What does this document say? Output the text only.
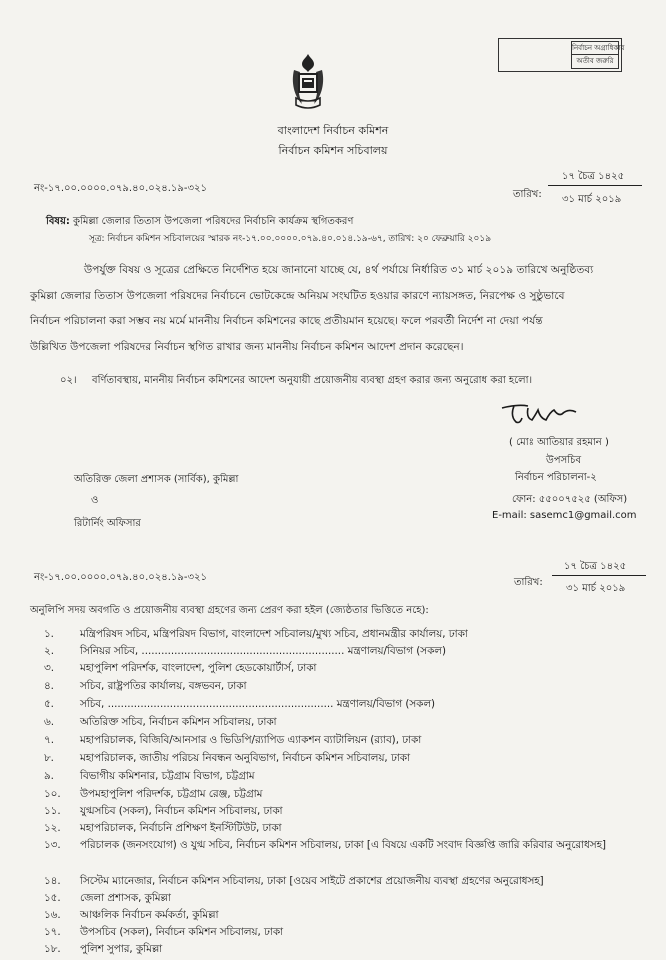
নির্বাচন অগ্রাধিকার
অতীব জরুরি
বাংলাদেশ নির্বাচন কমিশন
নির্বাচন কমিশন সচিবালয়
নং-১৭.০০.০০০০.০৭৯.৪০.০২৪.১৯-৩২১
তারিখ:
১৭ চৈত্র ১৪২৫
৩১ মার্চ ২০১৯
বিষয়: কুমিল্লা জেলার তিতাস উপজেলা পরিষদের নির্বাচনি কার্যক্রম স্থগিতকরণ
সূত্র: নির্বাচন কমিশন সচিবালয়ের স্মারক নং-১৭.০০.০০০০.০৭৯.৪০.০১৪.১৯-৬৭, তারিখ: ২০ ফেব্রুয়ারি ২০১৯
উপর্যুক্ত বিষয় ও সূত্রের প্রেক্ষিতে নির্দেশিত হয়ে জানানো যাচ্ছে যে, ৪র্থ পর্যায়ে নির্ধারিত ৩১ মার্চ ২০১৯ তারিখে অনুষ্ঠিতব্য
কুমিল্লা জেলার তিতাস উপজেলা পরিষদের নির্বাচনে ভোটকেন্দ্রে অনিয়ম সংঘটিত হওয়ার কারণে ন্যায়সঙ্গত, নিরপেক্ষ ও সুষ্ঠুভাবে
নির্বাচন পরিচালনা করা সম্ভব নয় মর্মে মাননীয় নির্বাচন কমিশনের কাছে প্রতীয়মান হয়েছে। ফলে পরবর্তী নির্দেশ না দেয়া পর্যন্ত
উল্লিখিত উপজেলা পরিষদের নির্বাচন স্থগিত রাখার জন্য মাননীয় নির্বাচন কমিশন আদেশ প্রদান করেছেন।
০২। বর্ণিতাবস্থায়, মাননীয় নির্বাচন কমিশনের আদেশ অনুযায়ী প্রয়োজনীয় ব্যবস্থা গ্রহণ করার জন্য অনুরোধ করা হলো।
( মোঃ আতিয়ার রহমান )
উপসচিব
নির্বাচন পরিচালনা-২
ফোন: ৫৫০০৭৫২৫ (অফিস)
E-mail: sasemc1@gmail.com
অতিরিক্ত জেলা প্রশাসক (সার্বিক), কুমিল্লা
ও
রিটার্নিং অফিসার
নং-১৭.০০.০০০০.০৭৯.৪০.০২৪.১৯-৩২১	তারিখ:
১৭ চৈত্র ১৪২৫
৩১ মার্চ ২০১৯
অনুলিপি সদয় অবগতি ও প্রয়োজনীয় ব্যবস্থা গ্রহণের জন্য প্রেরণ করা হইল (জ্যেষ্ঠতার ভিত্তিতে নহে):
১.	মন্ত্রিপরিষদ সচিব, মন্ত্রিপরিষদ বিভাগ, বাংলাদেশ সচিবালয়/মুখ্য সচিব, প্রধানমন্ত্রীর কার্যালয়, ঢাকা
২.	সিনিয়র সচিব, .............................................................. মন্ত্রণালয়/বিভাগ (সকল)
৩.	মহাপুলিশ পরিদর্শক, বাংলাদেশ, পুলিশ হেডকোয়ার্টার্স, ঢাকা
৪.	সচিব, রাষ্ট্রপতির কার্যালয়, বঙ্গভবন, ঢাকা
৫.	সচিব, ..................................................................... মন্ত্রণালয়/বিভাগ (সকল)
৬.	অতিরিক্ত সচিব, নির্বাচন কমিশন সচিবালয়, ঢাকা
৭.	মহাপরিচালক, বিজিবি/আনসার ও ভিডিপি/র‍্যাপিড এ্যাকশন ব্যাটালিয়ন (র‍্যাব), ঢাকা
৮.	মহাপরিচালক, জাতীয় পরিচয় নিবন্ধন অনুবিভাগ, নির্বাচন কমিশন সচিবালয়, ঢাকা
৯.	বিভাগীয় কমিশনার, চট্টগ্রাম বিভাগ, চট্টগ্রাম
১০.	উপমহাপুলিশ পরিদর্শক, চট্টগ্রাম রেঞ্জ, চট্টগ্রাম
১১.	যুগ্মসচিব (সকল), নির্বাচন কমিশন সচিবালয়, ঢাকা
১২.	মহাপরিচালক, নির্বাচনি প্রশিক্ষণ ইনস্টিটিউট, ঢাকা
১৩. পরিচালক (জনসংযোগ) ও যুগ্ম সচিব, নির্বাচন কমিশন সচিবালয়, ঢাকা [এ বিষয়ে একটি সংবাদ বিজ্ঞপ্তি জারি করিবার অনুরোধসহ]
১৪.	সিস্টেম ম্যানেজার, নির্বাচন কমিশন সচিবালয়, ঢাকা [ওয়েব সাইটে প্রকাশের প্রয়োজনীয় ব্যবস্থা গ্রহণের অনুরোধসহ]
১৫.	জেলা প্রশাসক, কুমিল্লা
১৬.	আঞ্চলিক নির্বাচন কর্মকর্তা, কুমিল্লা
১৭.	উপসচিব (সকল), নির্বাচন কমিশন সচিবালয়, ঢাকা
১৮.	পুলিশ সুপার, কুমিল্লা
